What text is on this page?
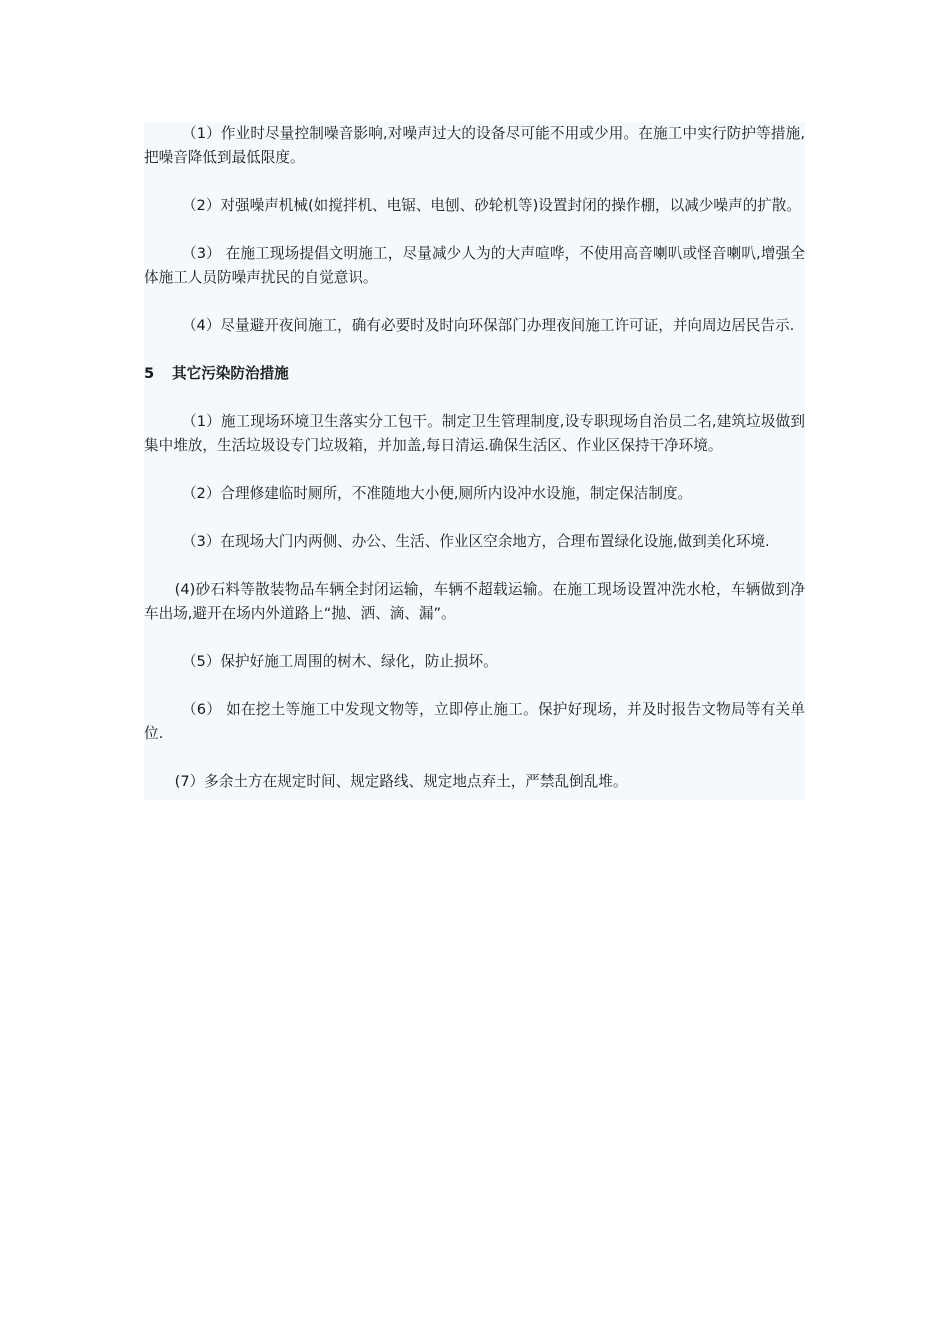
（1）作业时尽量控制噪音影响,对噪声过大的设备尽可能不用或少用。在施工中实行防护等措施,把噪音降低到最低限度。

（2）对强噪声机械(如搅拌机、电锯、电刨、砂轮机等)设置封闭的操作棚，以减少噪声的扩散。

（3） 在施工现场提倡文明施工，尽量减少人为的大声喧哗，不使用高音喇叭或怪音喇叭,增强全体施工人员防噪声扰民的自觉意识。

（4）尽量避开夜间施工，确有必要时及时向环保部门办理夜间施工许可证，并向周边居民告示.

5 其它污染防治措施

（1）施工现场环境卫生落实分工包干。制定卫生管理制度,设专职现场自治员二名,建筑垃圾做到集中堆放，生活垃圾设专门垃圾箱，并加盖,每日清运.确保生活区、作业区保持干净环境。

（2）合理修建临时厕所，不准随地大小便,厕所内设冲水设施，制定保洁制度。

（3）在现场大门内两侧、办公、生活、作业区空余地方，合理布置绿化设施,做到美化环境.

(4)砂石料等散装物品车辆全封闭运输，车辆不超载运输。在施工现场设置冲洗水枪，车辆做到净车出场,避开在场内外道路上“抛、洒、滴、漏”。

（5）保护好施工周围的树木、绿化，防止损坏。

（6） 如在挖土等施工中发现文物等，立即停止施工。保护好现场，并及时报告文物局等有关单位.

(7）多余土方在规定时间、规定路线、规定地点弃土，严禁乱倒乱堆。
